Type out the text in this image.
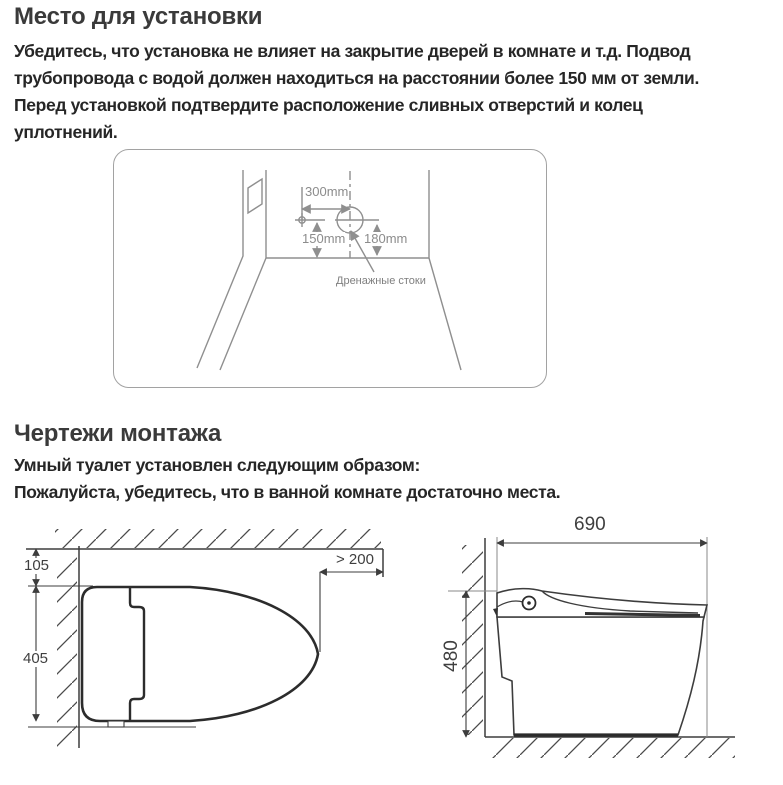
Место для установки
Убедитесь, что установка не влияет на закрытие дверей в комнате и т.д. Подвод
трубопровода с водой должен находиться на расстоянии более 150 мм от земли.
Перед установкой подтвердите расположение сливных отверстий и колец
уплотнений.
300mm
150mm 180mm
Дренажные стоки
Чертежи монтажа
Умный туалет установлен следующим образом:
Пожалуйста, убедитесь, что в ванной комнате достаточно места.
105
405
> 200
690
480
